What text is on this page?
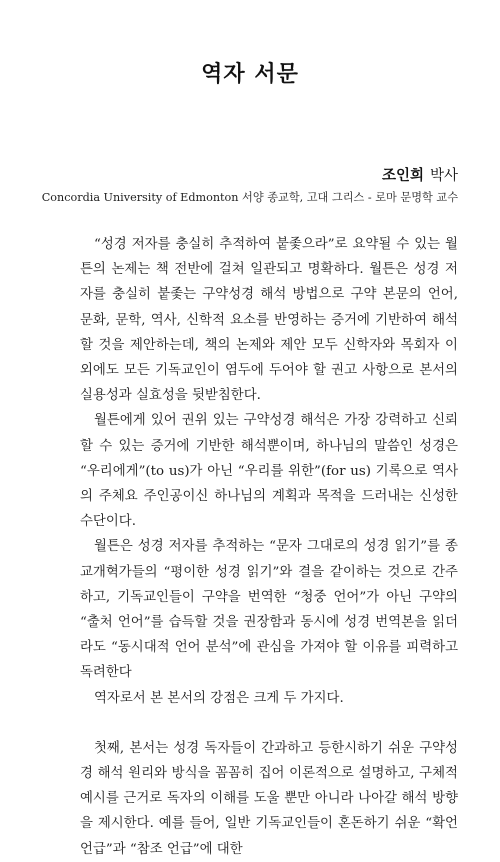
역자 서문
조인희 박사
Concordia University of Edmonton 서양 종교학, 고대 그리스 - 로마 문명학 교수

“성경 저자를 충실히 추적하여 붙좇으라”로 요약될 수 있는 월튼의 논제는 책 전반에 걸쳐 일관되고 명확하다. 월튼은 성경 저자를 충실히 붙좇는 구약성경 해석 방법으로 구약 본문의 언어, 문화, 문학, 역사, 신학적 요소를 반영하는 증거에 기반하여 해석할 것을 제안하는데, 책의 논제와 제안 모두 신학자와 목회자 이외에도 모든 기독교인이 염두에 두어야 할 권고 사항으로 본서의 실용성과 실효성을 뒷받침한다.

월튼에게 있어 권위 있는 구약성경 해석은 가장 강력하고 신뢰할 수 있는 증거에 기반한 해석뿐이며, 하나님의 말씀인 성경은 “우리에게”(to us)가 아닌 “우리를 위한”(for us) 기록으로 역사의 주체요 주인공이신 하나님의 계획과 목적을 드러내는 신성한 수단이다.

월튼은 성경 저자를 추적하는 “문자 그대로의 성경 읽기”를 종교개혁가들의 “평이한 성경 읽기”와 결을 같이하는 것으로 간주하고, 기독교인들이 구약을 번역한 “청중 언어”가 아닌 구약의 “출처 언어”를 습득할 것을 권장함과 동시에 성경 번역본을 읽더라도 “동시대적 언어 분석”에 관심을 가져야 할 이유를 피력하고 독려한다

역자로서 본 본서의 강점은 크게 두 가지다.

첫째, 본서는 성경 독자들이 간과하고 등한시하기 쉬운 구약성경 해석 원리와 방식을 꼼꼼히 집어 이론적으로 설명하고, 구체적 예시를 근거로 독자의 이해를 도울 뿐만 아니라 나아갈 해석 방향을 제시한다. 예를 들어, 일반 기독교인들이 혼돈하기 쉬운 “확언 언급”과 “참조 언급”에 대한
